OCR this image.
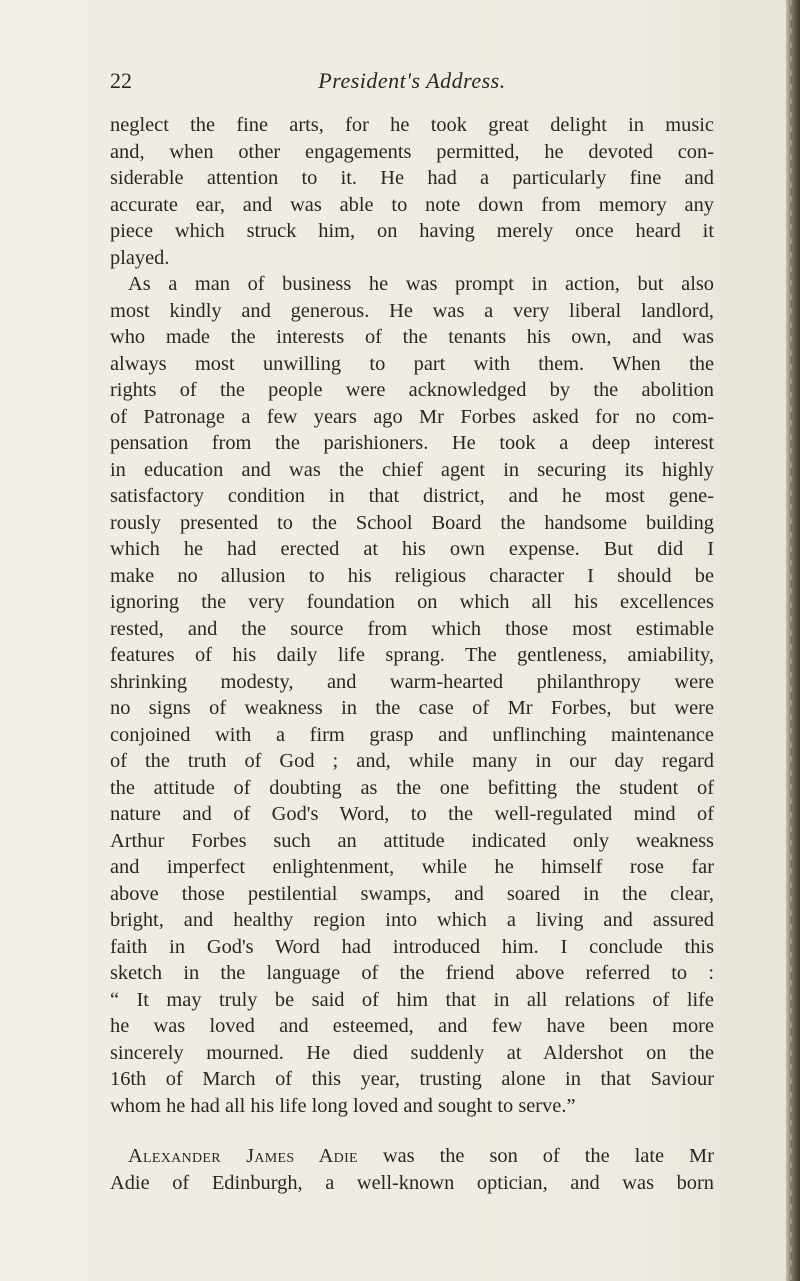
22	President's Address.
neglect the fine arts, for he took great delight in music
and, when other engagements permitted, he devoted con-
siderable attention to it. He had a particularly fine and
accurate ear, and was able to note down from memory any
piece which struck him, on having merely once heard it
played.
As a man of business he was prompt in action, but also
most kindly and generous. He was a very liberal landlord,
who made the interests of the tenants his own, and was
always most unwilling to part with them. When the
rights of the people were acknowledged by the abolition
of Patronage a few years ago Mr Forbes asked for no com-
pensation from the parishioners. He took a deep interest
in education and was the chief agent in securing its highly
satisfactory condition in that district, and he most gene-
rously presented to the School Board the handsome building
which he had erected at his own expense. But did I
make no allusion to his religious character I should be
ignoring the very foundation on which all his excellences
rested, and the source from which those most estimable
features of his daily life sprang. The gentleness, amiability,
shrinking modesty, and warm-hearted philanthropy were
no signs of weakness in the case of Mr Forbes, but were
conjoined with a firm grasp and unflinching maintenance
of the truth of God ; and, while many in our day regard
the attitude of doubting as the one befitting the student of
nature and of God's Word, to the well-regulated mind of
Arthur Forbes such an attitude indicated only weakness
and imperfect enlightenment, while he himself rose far
above those pestilential swamps, and soared in the clear,
bright, and healthy region into which a living and assured
faith in God's Word had introduced him. I conclude this
sketch in the language of the friend above referred to :
“ It may truly be said of him that in all relations of life
he was loved and esteemed, and few have been more
sincerely mourned. He died suddenly at Aldershot on the
16th of March of this year, trusting alone in that Saviour
whom he had all his life long loved and sought to serve.”
Alexander James Adie was the son of the late Mr
Adie of Edinburgh, a well-known optician, and was born
